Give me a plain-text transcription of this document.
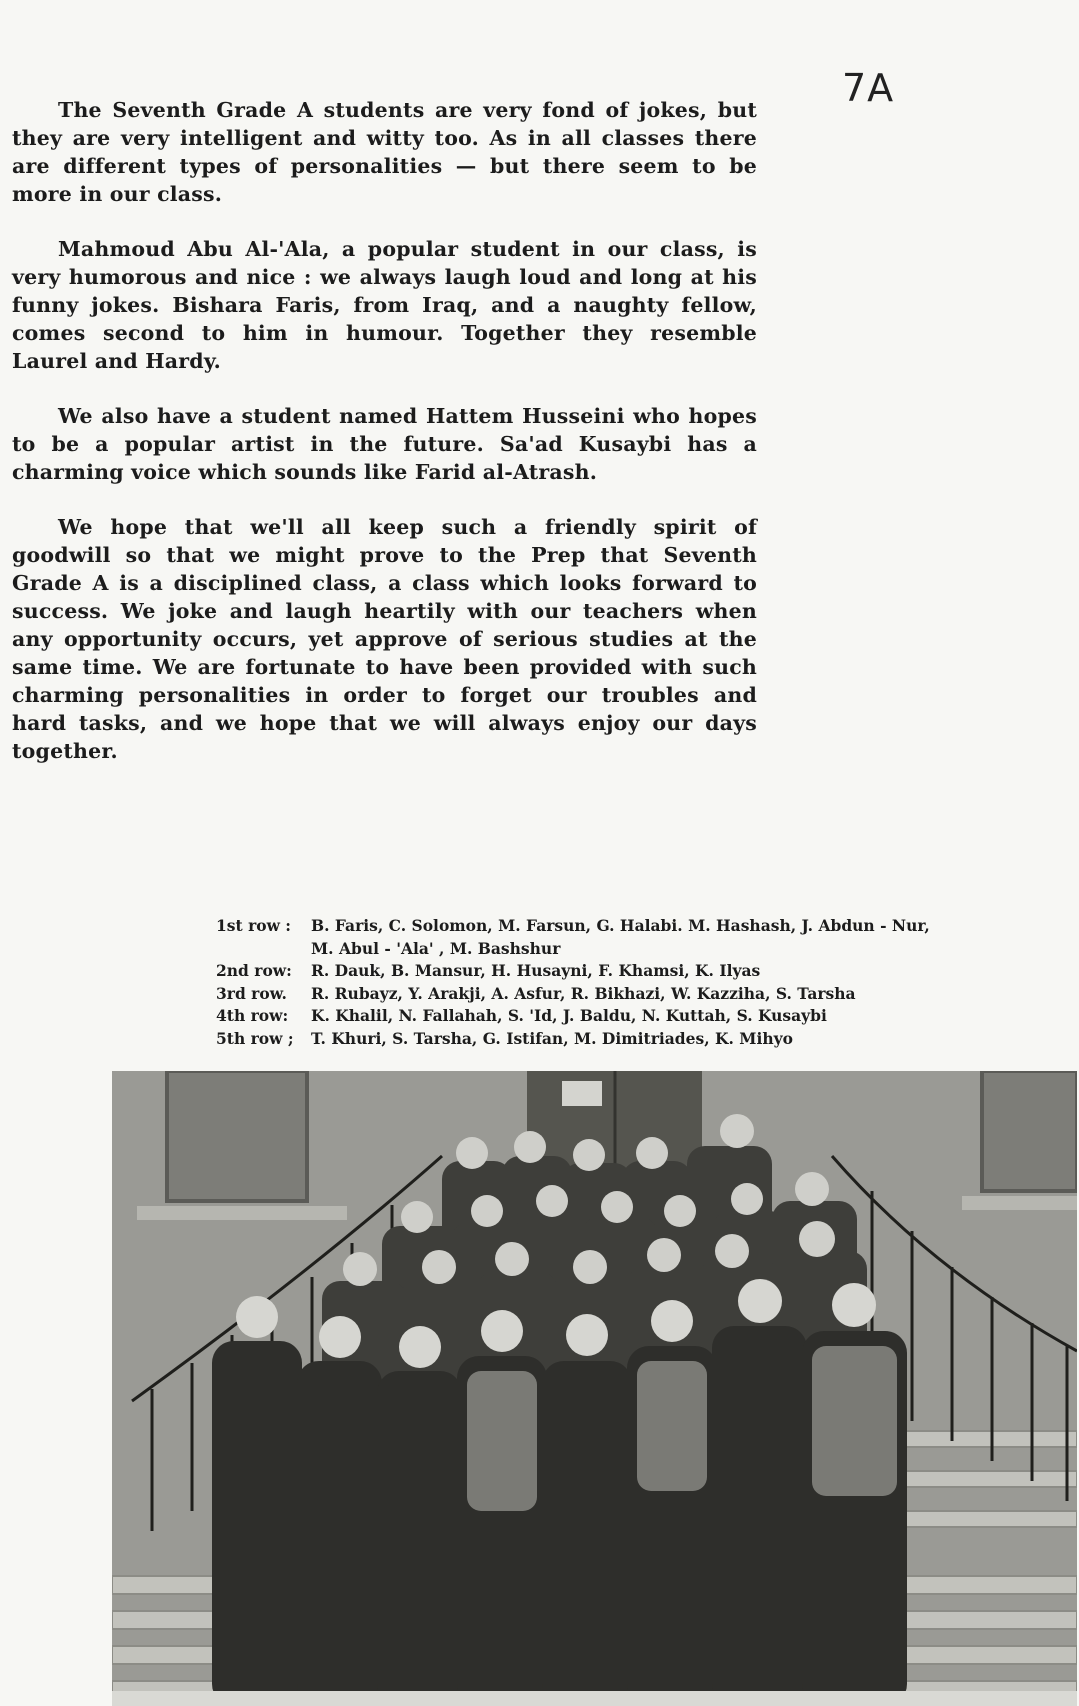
7A

The Seventh Grade A students are very fond of jokes, but they are very intelligent and witty too. As in all classes there are different types of personalities — but there seem to be more in our class.

Mahmoud Abu Al-'Ala, a popular student in our class, is very humorous and nice : we always laugh loud and long at his funny jokes. Bishara Faris, from Iraq, and a naughty fellow, comes second to him in humour. Together they resemble Laurel and Hardy.

We also have a student named Hattem Husseini who hopes to be a popular artist in the future. Sa'ad Kusaybi has a charming voice which sounds like Farid al-Atrash.

We hope that we'll all keep such a friendly spirit of goodwill so that we might prove to the Prep that Seventh Grade A is a disciplined class, a class which looks forward to success. We joke and laugh heartily with our teachers when any opportunity occurs, yet approve of serious studies at the same time. We are fortunate to have been provided with such charming personalities in order to forget our troubles and hard tasks, and we hope that we will always enjoy our days together.

1st row :	B. Faris, C. Solomon, M. Farsun, G. Halabi. M. Hashash, J. Abdun - Nur,
M. Abul - 'Ala' , M. Bashshur
2nd row:	R. Dauk, B. Mansur, H. Husayni, F. Khamsi, K. Ilyas
3rd row.	R. Rubayz, Y. Arakji, A. Asfur, R. Bikhazi, W. Kazziha, S. Tarsha
4th row:	K. Khalil, N. Fallahah, S. 'Id, J. Baldu, N. Kuttah, S. Kusaybi
5th row ;	T. Khuri, S. Tarsha, G. Istifan, M. Dimitriades, K. Mihyo
